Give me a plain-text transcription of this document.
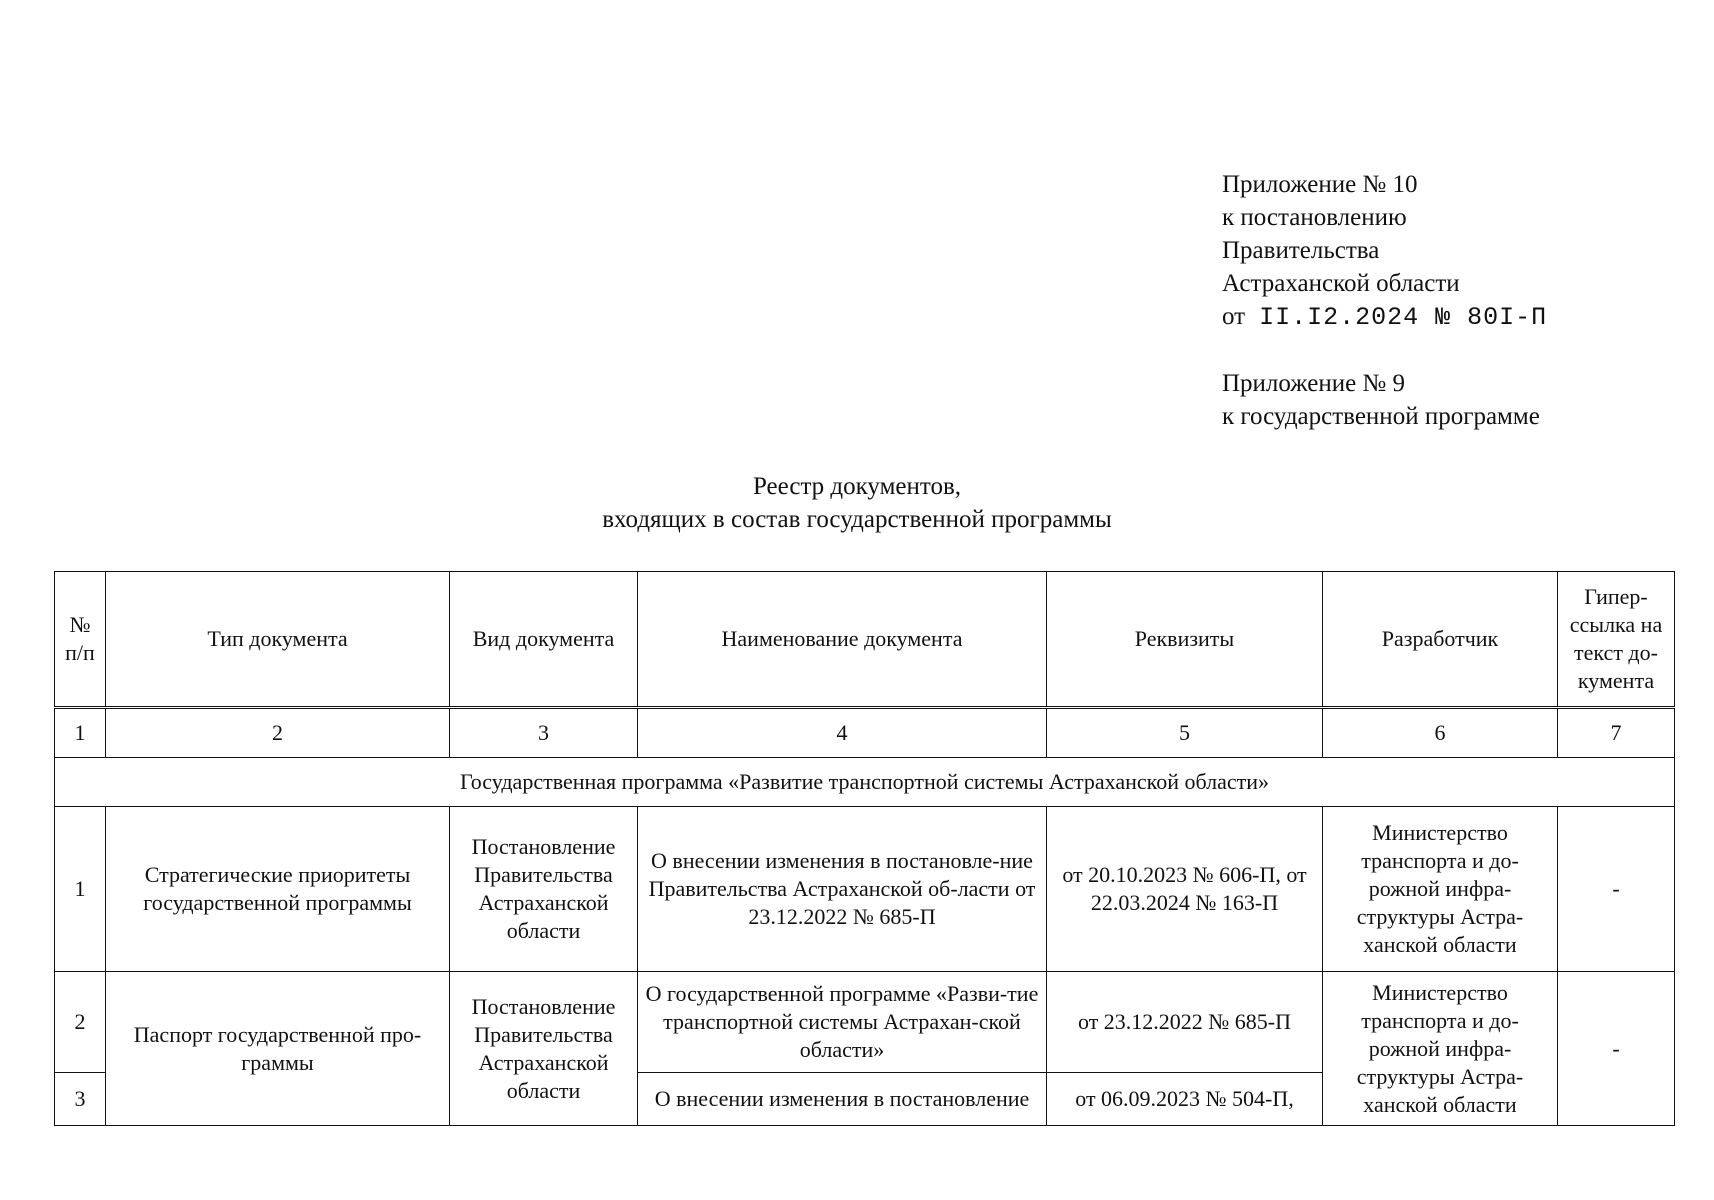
Приложение № 10
к постановлению
Правительства
Астраханской области
от II.I2.2024 № 80I-П
Приложение № 9
к государственной программе
Реестр документов,
входящих в состав государственной программы
№ п/п	Тип документа	Вид документа	Наименование документа	Реквизиты	Разработчик	Гипер-ссылка на текст до-кумента
1	2	3	4	5	6	7
Государственная программа «Развитие транспортной системы Астраханской области»						
1	Стратегические приоритеты государственной программы	Постановление Правительства Астраханской области	О внесении изменения в постановле-ние Правительства Астраханской об-ласти от 23.12.2022 № 685-П	от 20.10.2023 № 606-П, от 22.03.2024 № 163-П	Министерство транспорта и до-рожной инфра-структуры Астра-ханской области	-
2	Паспорт государственной про-граммы	Постановление Правительства Астраханской области	О государственной программе «Разви-тие транспортной системы Астрахан-ской области»	от 23.12.2022 № 685-П	Министерство транспорта и до-рожной инфра-структуры Астра-ханской области	-
3			О внесении изменения в постановление	от 06.09.2023 № 504-П,		
